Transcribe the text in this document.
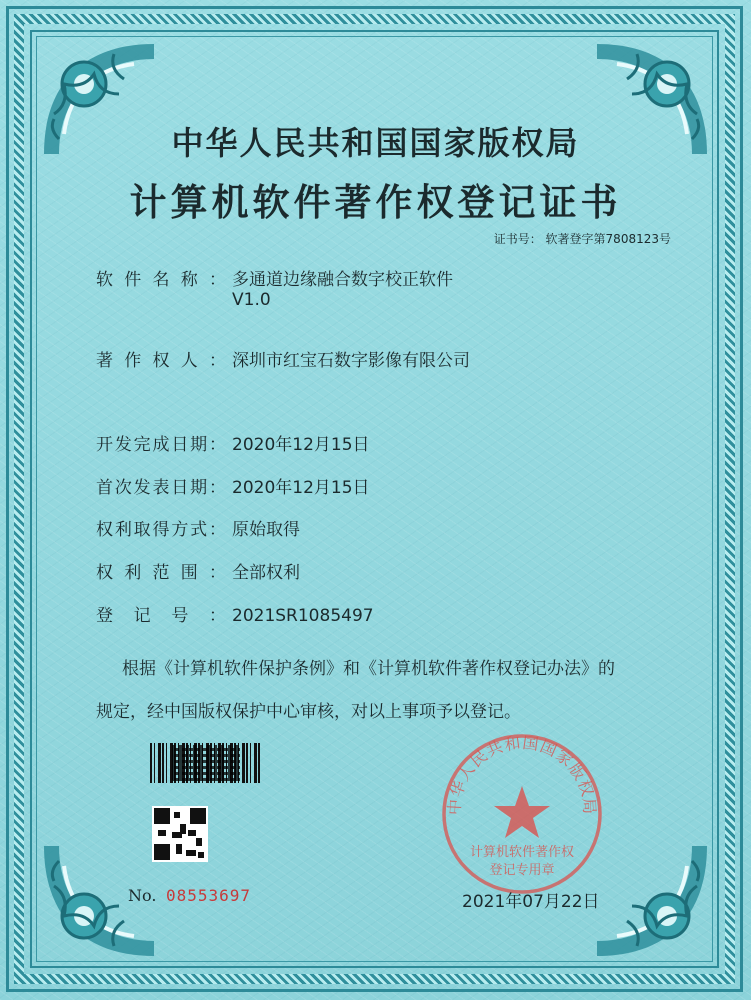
中华人民共和国国家版权局
计算机软件著作权登记证书
证书号： 软著登字第7808123号
软件名称： 多通道边缘融合数字校正软件
V1.0
著作权人： 深圳市红宝石数字影像有限公司
开发完成日期： 2020年12月15日
首次发表日期： 2020年12月15日
权利取得方式： 原始取得
权利范围： 全部权利
登记号： 2021SR1085497
根据《计算机软件保护条例》和《计算机软件著作权登记办法》的
规定，经中国版权保护中心审核，对以上事项予以登记。
No. 08553697
中华人民共和国国家版权局
计算机软件著作权
登记专用章
2021年07月22日
